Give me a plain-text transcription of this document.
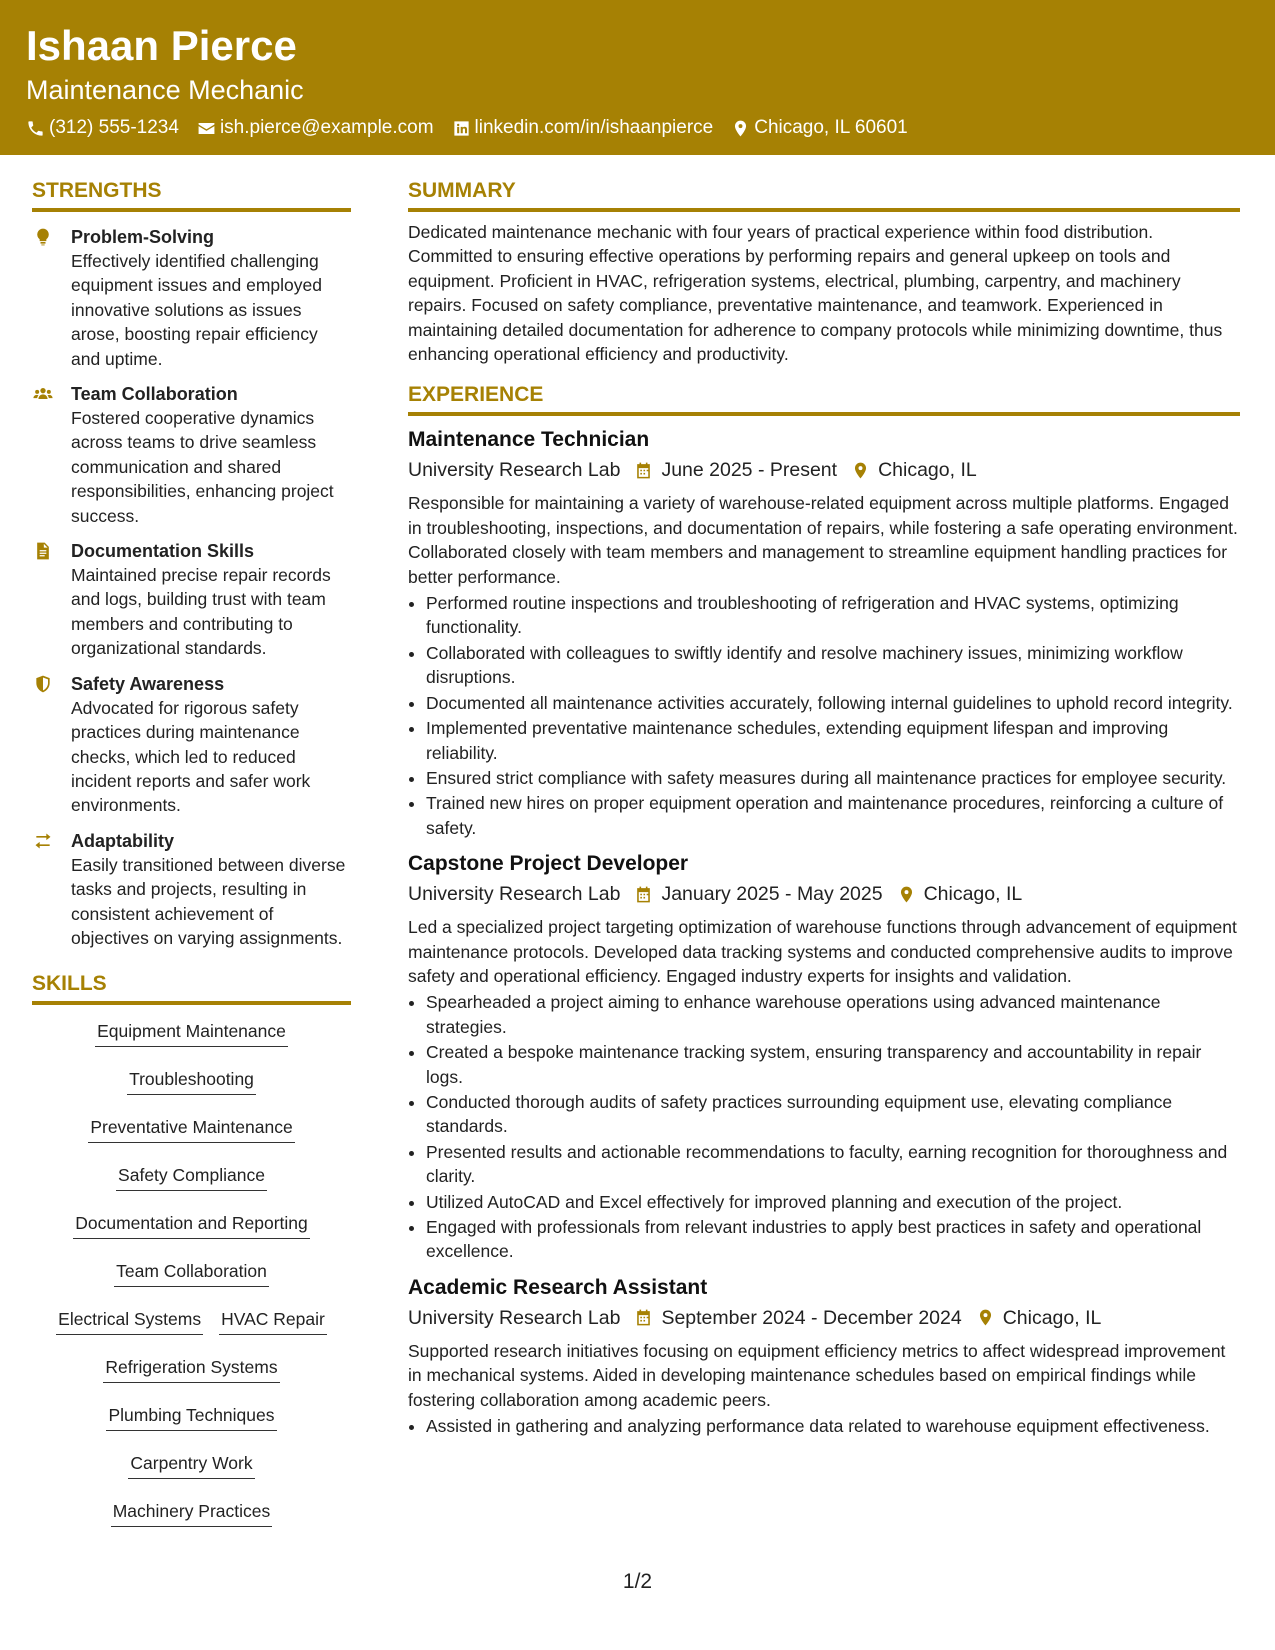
Ishaan Pierce
Maintenance Mechanic
(312) 555-1234 ish.pierce@example.com linkedin.com/in/ishaanpierce Chicago, IL 60601
STRENGTHS
Problem-Solving
Effectively identified challenging equipment issues and employed innovative solutions as issues arose, boosting repair efficiency and uptime.
Team Collaboration
Fostered cooperative dynamics across teams to drive seamless communication and shared responsibilities, enhancing project success.
Documentation Skills
Maintained precise repair records and logs, building trust with team members and contributing to organizational standards.
Safety Awareness
Advocated for rigorous safety practices during maintenance checks, which led to reduced incident reports and safer work environments.
Adaptability
Easily transitioned between diverse tasks and projects, resulting in consistent achievement of objectives on varying assignments.
SKILLS
Equipment Maintenance
Troubleshooting
Preventative Maintenance
Safety Compliance
Documentation and Reporting
Team Collaboration
Electrical Systems HVAC Repair
Refrigeration Systems
Plumbing Techniques
Carpentry Work
Machinery Practices
SUMMARY
Dedicated maintenance mechanic with four years of practical experience within food distribution. Committed to ensuring effective operations by performing repairs and general upkeep on tools and equipment. Proficient in HVAC, refrigeration systems, electrical, plumbing, carpentry, and machinery repairs. Focused on safety compliance, preventative maintenance, and teamwork. Experienced in maintaining detailed documentation for adherence to company protocols while minimizing downtime, thus enhancing operational efficiency and productivity.
EXPERIENCE
Maintenance Technician
University Research Lab June 2025 - Present Chicago, IL
Responsible for maintaining a variety of warehouse-related equipment across multiple platforms. Engaged in troubleshooting, inspections, and documentation of repairs, while fostering a safe operating environment. Collaborated closely with team members and management to streamline equipment handling practices for better performance.
• Performed routine inspections and troubleshooting of refrigeration and HVAC systems, optimizing functionality.
• Collaborated with colleagues to swiftly identify and resolve machinery issues, minimizing workflow disruptions.
• Documented all maintenance activities accurately, following internal guidelines to uphold record integrity.
• Implemented preventative maintenance schedules, extending equipment lifespan and improving reliability.
• Ensured strict compliance with safety measures during all maintenance practices for employee security.
• Trained new hires on proper equipment operation and maintenance procedures, reinforcing a culture of safety.
Capstone Project Developer
University Research Lab January 2025 - May 2025 Chicago, IL
Led a specialized project targeting optimization of warehouse functions through advancement of equipment maintenance protocols. Developed data tracking systems and conducted comprehensive audits to improve safety and operational efficiency. Engaged industry experts for insights and validation.
• Spearheaded a project aiming to enhance warehouse operations using advanced maintenance strategies.
• Created a bespoke maintenance tracking system, ensuring transparency and accountability in repair logs.
• Conducted thorough audits of safety practices surrounding equipment use, elevating compliance standards.
• Presented results and actionable recommendations to faculty, earning recognition for thoroughness and clarity.
• Utilized AutoCAD and Excel effectively for improved planning and execution of the project.
• Engaged with professionals from relevant industries to apply best practices in safety and operational excellence.
Academic Research Assistant
University Research Lab September 2024 - December 2024 Chicago, IL
Supported research initiatives focusing on equipment efficiency metrics to affect widespread improvement in mechanical systems. Aided in developing maintenance schedules based on empirical findings while fostering collaboration among academic peers.
• Assisted in gathering and analyzing performance data related to warehouse equipment effectiveness.
1/2
